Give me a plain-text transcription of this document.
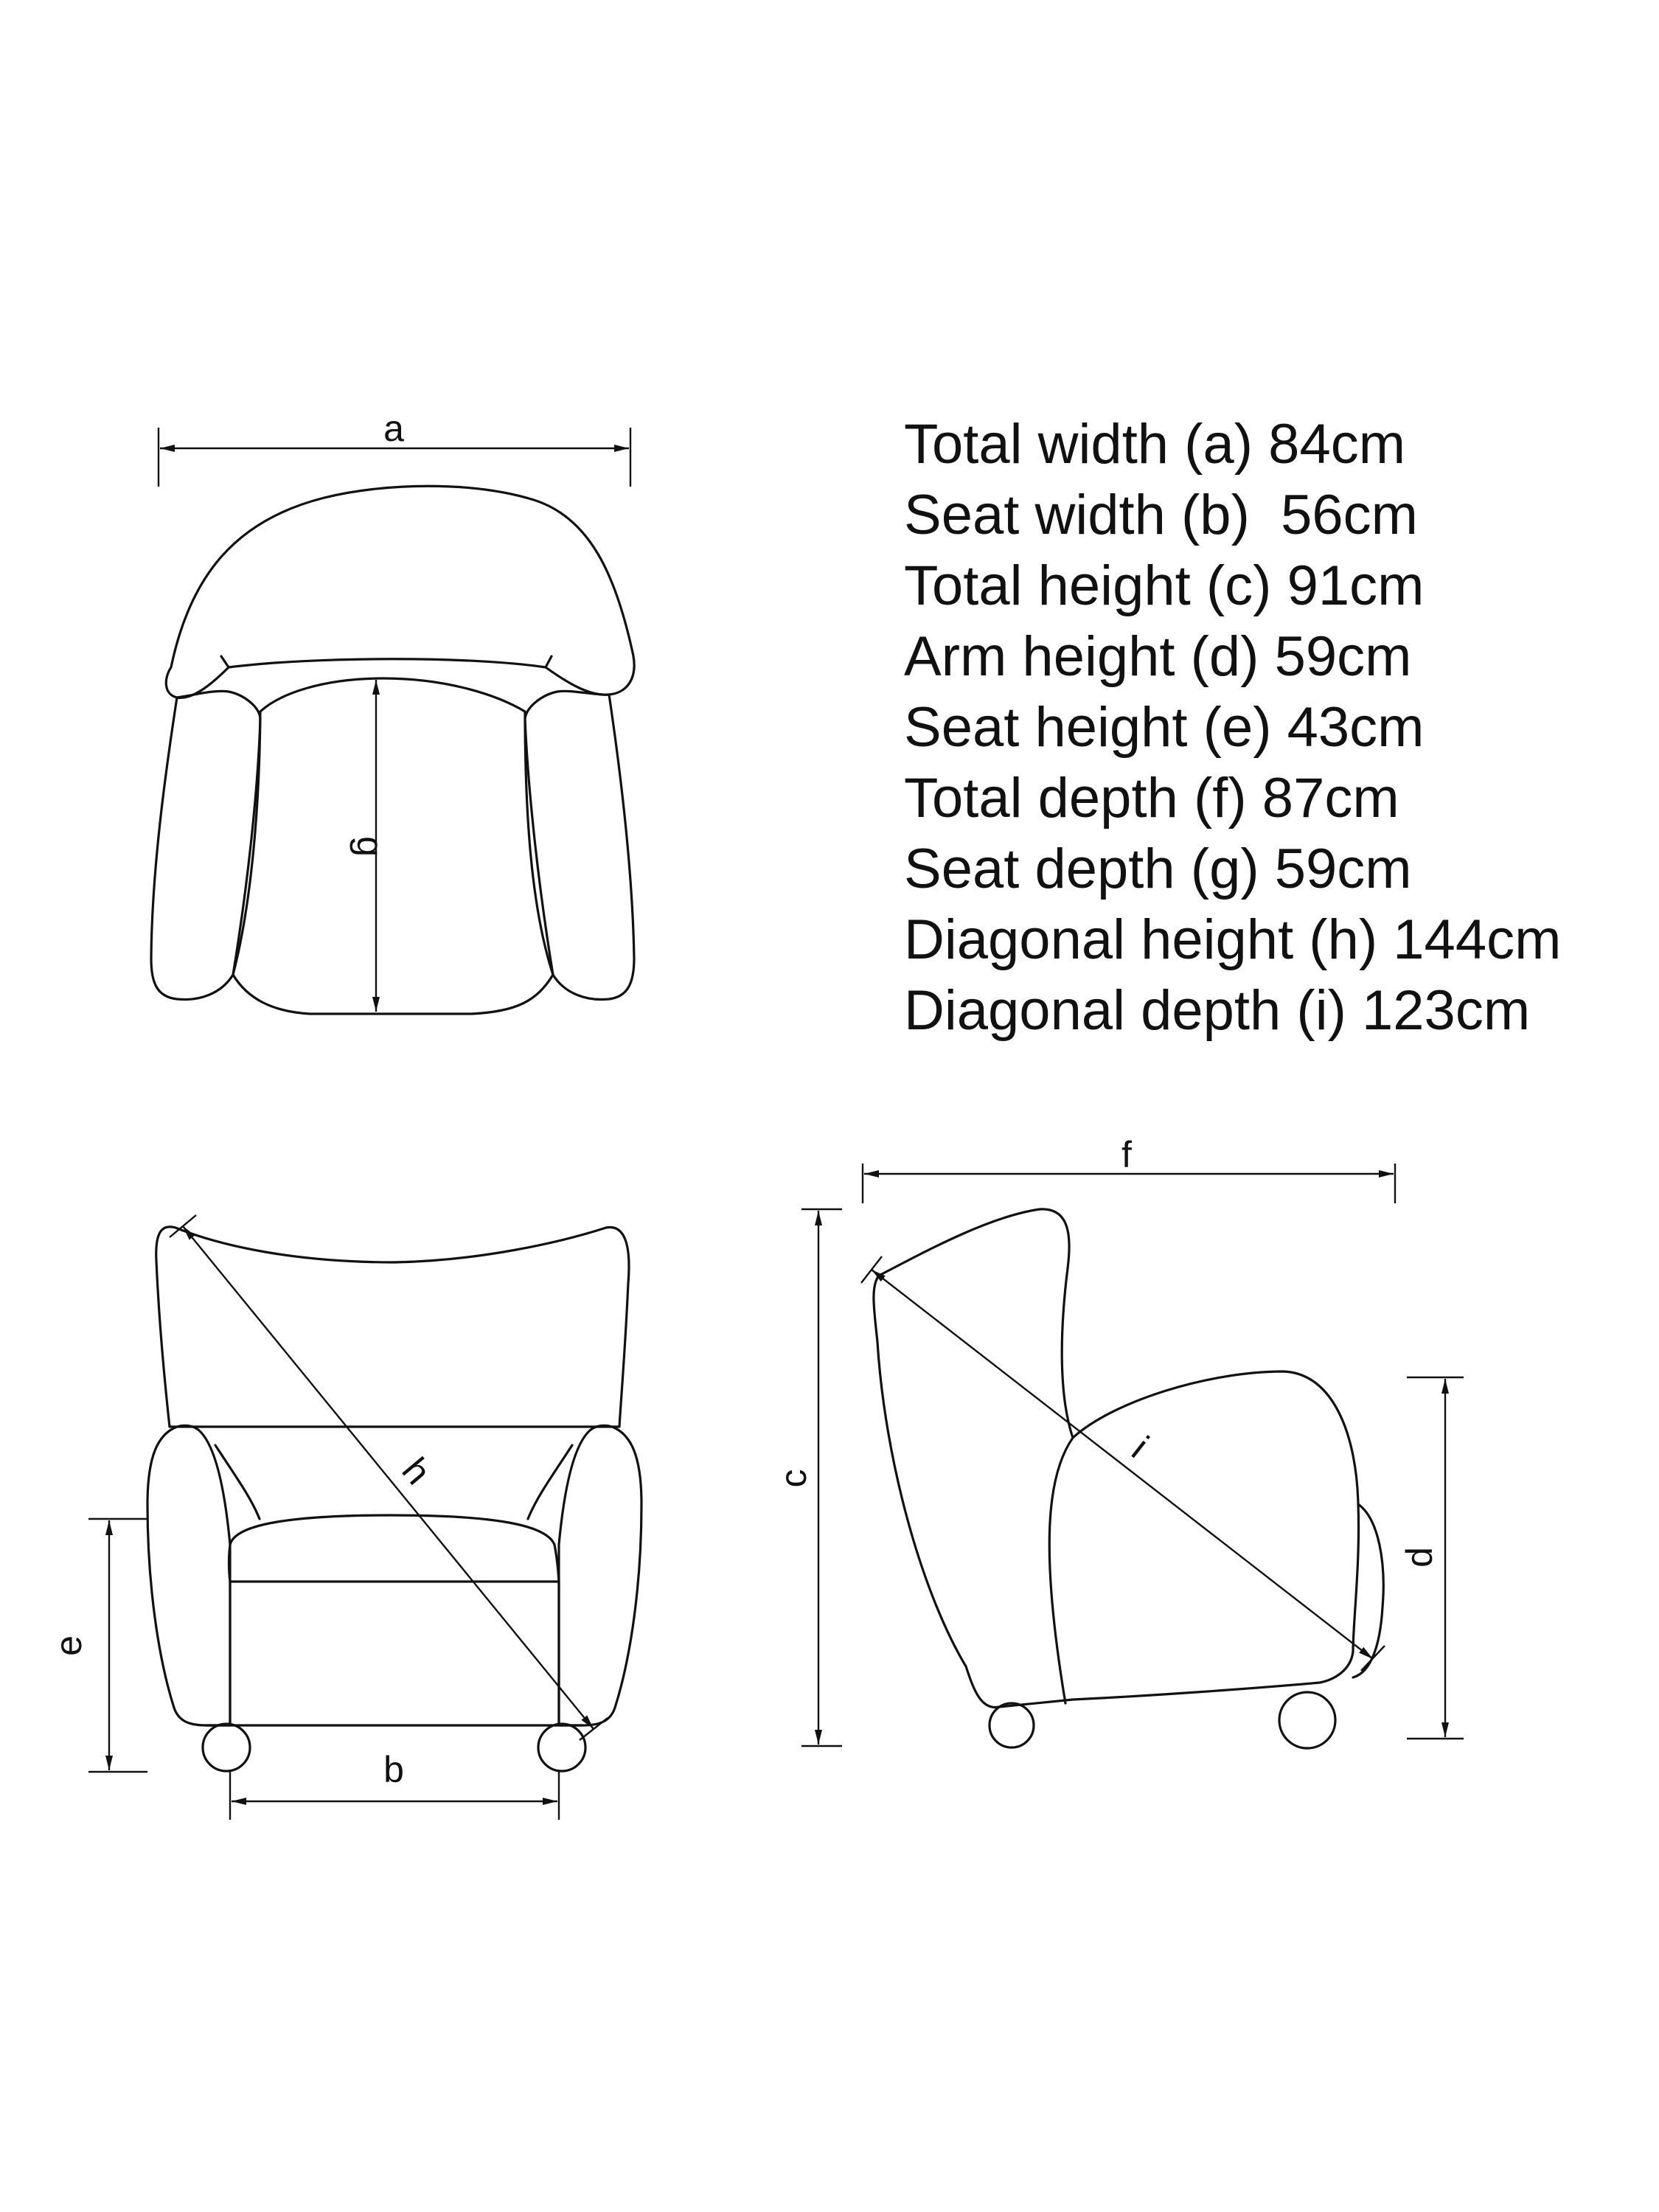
a
g
h
e
b
f
c
d
i
Total width (a) 84cm
Seat width (b)  56cm
Total height (c) 91cm
Arm height (d) 59cm
Seat height (e) 43cm
Total depth (f) 87cm
Seat depth (g) 59cm
Diagonal height (h) 144cm
Diagonal depth (i) 123cm
